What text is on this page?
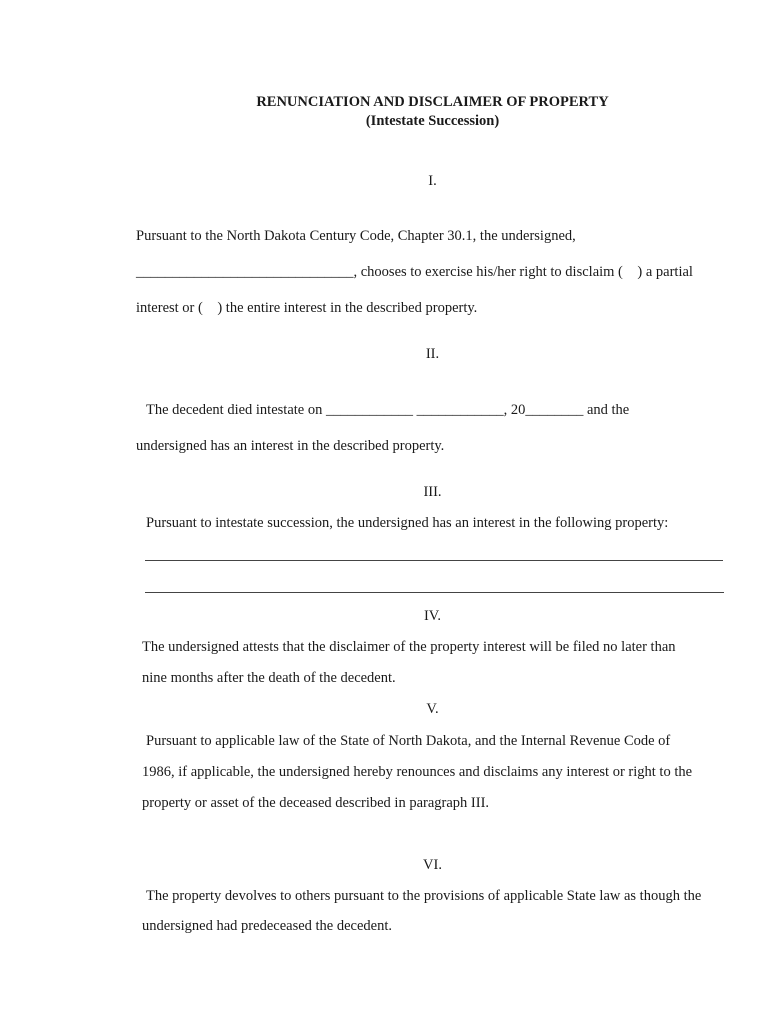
RENUNCIATION AND DISCLAIMER OF PROPERTY
(Intestate Succession)
I.
Pursuant to the North Dakota Century Code, Chapter 30.1, the undersigned,
______________________________, chooses to exercise his/her right to disclaim (    ) a partial
interest or (    ) the entire interest in the described property.
II.
The decedent died intestate on ____________ ____________, 20________ and the
undersigned has an interest in the described property.
III.
Pursuant to intestate succession, the undersigned has an interest in the following property:
IV.
The undersigned attests that the disclaimer of the property interest will be filed no later than
nine months after the death of the decedent.
V.
Pursuant to applicable law of the State of North Dakota, and the Internal Revenue Code of
1986, if applicable, the undersigned hereby renounces and disclaims any interest or right to the
property or asset of the deceased described in paragraph III.
VI.
The property devolves to others pursuant to the provisions of applicable State law as though the
undersigned had predeceased the decedent.
